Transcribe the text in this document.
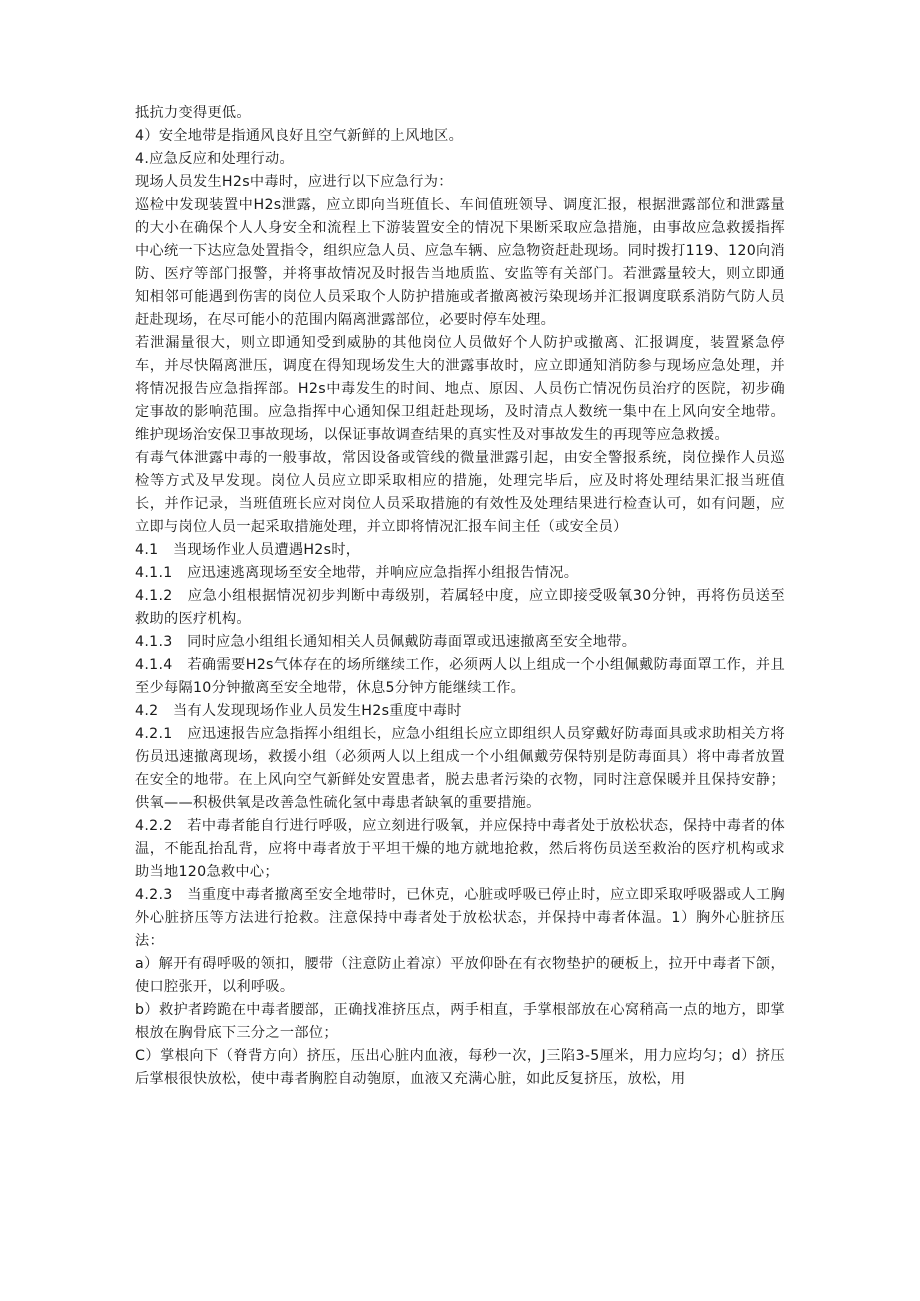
抵抗力变得更低。

4）安全地带是指通风良好且空气新鲜的上风地区。

4.应急反应和处理行动。

现场人员发生H2s中毒时，应进行以下应急行为：

巡检中发现装置中H2s泄露，应立即向当班值长、车间值班领导、调度汇报，根据泄露部位和泄露量的大小在确保个人人身安全和流程上下游装置安全的情况下果断采取应急措施，由事故应急救援指挥中心统一下达应急处置指令，组织应急人员、应急车辆、应急物资赶赴现场。同时拨打119、120向消防、医疗等部门报警，并将事故情况及时报告当地质监、安监等有关部门。若泄露量较大，则立即通知相邻可能遇到伤害的岗位人员采取个人防护措施或者撤离被污染现场并汇报调度联系消防气防人员赶赴现场，在尽可能小的范围内隔离泄露部位，必要时停车处理。

若泄漏量很大，则立即通知受到威胁的其他岗位人员做好个人防护或撤离、汇报调度，装置紧急停车，并尽快隔离泄压，调度在得知现场发生大的泄露事故时，应立即通知消防参与现场应急处理，并将情况报告应急指挥部。H2s中毒发生的时间、地点、原因、人员伤亡情况伤员治疗的医院，初步确定事故的影响范围。应急指挥中心通知保卫组赶赴现场，及时清点人数统一集中在上风向安全地带。维护现场治安保卫事故现场，以保证事故调查结果的真实性及对事故发生的再现等应急救援。

有毒气体泄露中毒的一般事故，常因设备或管线的微量泄露引起，由安全警报系统，岗位操作人员巡检等方式及早发现。岗位人员应立即采取相应的措施，处理完毕后，应及时将处理结果汇报当班值长，并作记录，当班值班长应对岗位人员采取措施的有效性及处理结果进行检查认可，如有问题，应立即与岗位人员一起采取措施处理，并立即将情况汇报车间主任（或安全员）

4.1　当现场作业人员遭遇H2s时，

4.1.1　应迅速逃离现场至安全地带，并响应应急指挥小组报告情况。

4.1.2　应急小组根据情况初步判断中毒级别，若属轻中度，应立即接受吸氧30分钟，再将伤员送至救助的医疗机构。

4.1.3　同时应急小组组长通知相关人员佩戴防毒面罩或迅速撤离至安全地带。

4.1.4　若确需要H2s气体存在的场所继续工作，必须两人以上组成一个小组佩戴防毒面罩工作，并且至少每隔10分钟撤离至安全地带，休息5分钟方能继续工作。

4.2　当有人发现现场作业人员发生H2s重度中毒时

4.2.1　应迅速报告应急指挥小组组长，应急小组组长应立即组织人员穿戴好防毒面具或求助相关方将伤员迅速撤离现场，救援小组（必须两人以上组成一个小组佩戴劳保特别是防毒面具）将中毒者放置在安全的地带。在上风向空气新鲜处安置患者，脱去患者污染的衣物，同时注意保暖并且保持安静；供氧——积极供氧是改善急性硫化氢中毒患者缺氧的重要措施。

4.2.2　若中毒者能自行进行呼吸，应立刻进行吸氧，并应保持中毒者处于放松状态，保持中毒者的体温，不能乱抬乱背，应将中毒者放于平坦干燥的地方就地抢救，然后将伤员送至救治的医疗机构或求助当地120急救中心；

4.2.3　当重度中毒者撤离至安全地带时，已休克，心脏或呼吸已停止时，应立即采取呼吸器或人工胸外心脏挤压等方法进行抢救。注意保持中毒者处于放松状态，并保持中毒者体温。1）胸外心脏挤压法：

a）解开有碍呼吸的领扣，腰带（注意防止着凉）平放仰卧在有衣物垫护的硬板上，拉开中毒者下颌，使口腔张开，以利呼吸。

b）救护者跨跪在中毒者腰部，正确找准挤压点，两手相直，手掌根部放在心窝稍高一点的地方，即掌根放在胸骨底下三分之一部位；

C）掌根向下（脊背方向）挤压，压出心脏内血液，每秒一次，J三陷3-5厘米，用力应均匀；d）挤压后掌根很快放松，使中毒者胸腔自动匏原，血液又充满心脏，如此反复挤压，放松，用
